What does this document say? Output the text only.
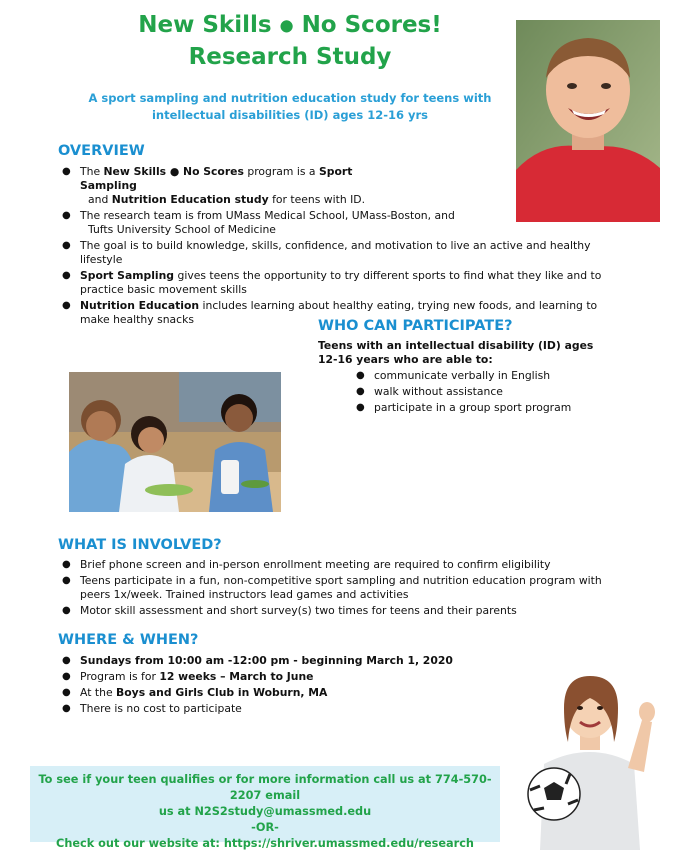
New Skills ● No Scores!
Research Study
A sport sampling and nutrition education study for teens with
intellectual disabilities (ID) ages 12-16 yrs
OVERVIEW
● The New Skills ● No Scores program is a Sport Sampling
and Nutrition Education study for teens with ID.
● The research team is from UMass Medical School, UMass-Boston, and
Tufts University School of Medicine
● The goal is to build knowledge, skills, confidence, and motivation to live an active and healthy lifestyle
● Sport Sampling gives teens the opportunity to try different sports to find what they like and to practice basic movement skills
● Nutrition Education includes learning about healthy eating, trying new foods, and learning to make healthy snacks	WHO CAN PARTICIPATE?
Teens with an intellectual disability (ID) ages
12-16 years who are able to:
● communicate verbally in English
● walk without assistance
● participate in a group sport program
WHAT IS INVOLVED?
● Brief phone screen and in-person enrollment meeting are required to confirm eligibility
● Teens participate in a fun, non-competitive sport sampling and nutrition education program with peers 1x/week. Trained instructors lead games and activities
● Motor skill assessment and short survey(s) two times for teens and their parents
WHERE & WHEN?
● Sundays from 10:00 am -12:00 pm - beginning March 1, 2020
● Program is for 12 weeks – March to June
● At the Boys and Girls Club in Woburn, MA
● There is no cost to participate

To see if your teen qualifies or for more information call us at 774-570-2207 email

us at N2S2study@umassmed.edu

-OR-

Check out our website at: https://shriver.umassmed.edu/research
